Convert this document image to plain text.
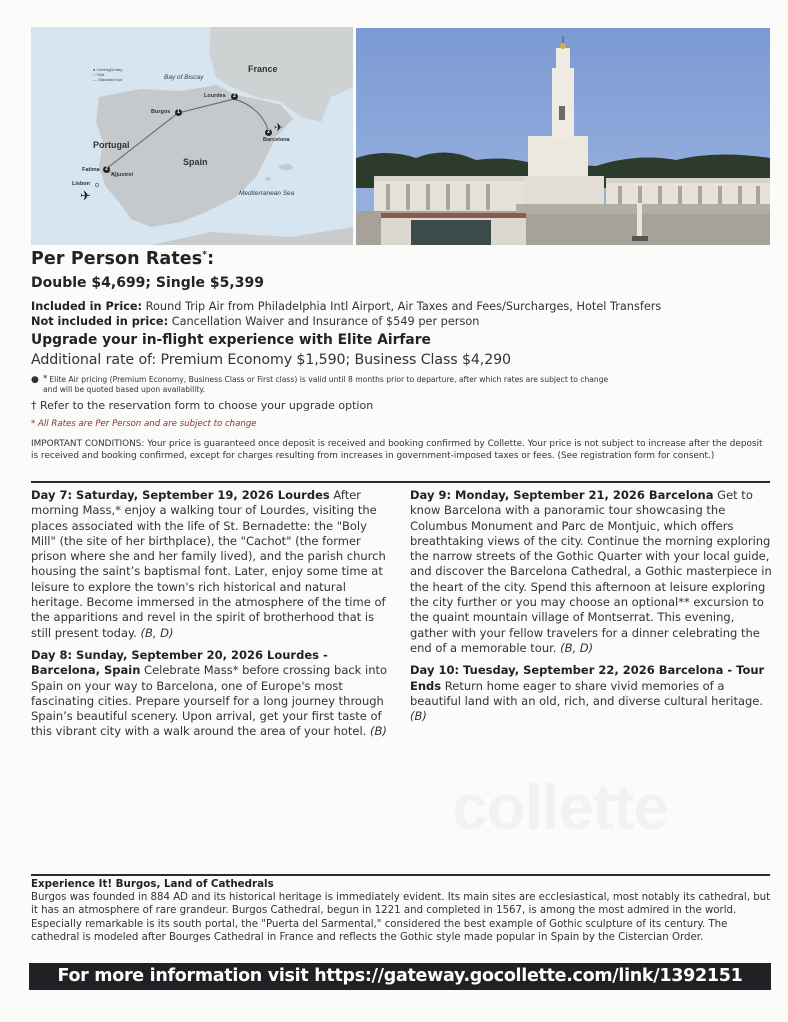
● Overnight stay
○ Visit
— Standard tour
France
Portugal
Spain
Bay of Biscay
Mediterranean Sea
Lourdes	2
Burgos	1
Fatima	2
Barcelona
2
Lisbon
Aljustrel
✈
✈
Per Person Rates*:
Double $4,699; Single $5,399
Included in Price: Round Trip Air from Philadelphia Intl Airport, Air Taxes and Fees/Surcharges, Hotel Transfers
Not included in price: Cancellation Waiver and Insurance of $549 per person
Upgrade your in-flight experience with Elite Airfare
Additional rate of: Premium Economy $1,590; Business Class $4,290
● * Elite Air pricing (Premium Economy, Business Class or First class) is valid until 8 months prior to departure, after which rates are subject to change
and will be quoted based upon availability.
† Refer to the reservation form to choose your upgrade option
* All Rates are Per Person and are subject to change
IMPORTANT CONDITIONS: Your price is guaranteed once deposit is received and booking confirmed by Collette. Your price is not subject to increase after the deposit is received and booking confirmed, except for charges resulting from increases in government-imposed taxes or fees. (See registration form for consent.)
collette

Day 7: Saturday, September 19, 2026 Lourdes After morning Mass,* enjoy a walking tour of Lourdes, visiting the places associated with the life of St. Bernadette: the "Boly Mill" (the site of her birthplace), the "Cachot" (the former prison where she and her family lived), and the parish church housing the saint’s baptismal font. Later, enjoy some time at leisure to explore the town's rich historical and natural heritage. Become immersed in the atmosphere of the time of the apparitions and revel in the spirit of brotherhood that is still present today. (B, D)

Day 8: Sunday, September 20, 2026 Lourdes - Barcelona, Spain Celebrate Mass* before crossing back into Spain on your way to Barcelona, one of Europe's most fascinating cities. Prepare yourself for a long journey through Spain’s beautiful scenery. Upon arrival, get your first taste of this vibrant city with a walk around the area of your hotel. (B)

Day 9: Monday, September 21, 2026 Barcelona Get to know Barcelona with a panoramic tour showcasing the Columbus Monument and Parc de Montjuic, which offers breathtaking views of the city. Continue the morning exploring the narrow streets of the Gothic Quarter with your local guide, and discover the Barcelona Cathedral, a Gothic masterpiece in the heart of the city. Spend this afternoon at leisure exploring the city further or you may choose an optional** excursion to the quaint mountain village of Montserrat. This evening, gather with your fellow travelers for a dinner celebrating the end of a memorable tour. (B, D)

Day 10: Tuesday, September 22, 2026 Barcelona - Tour Ends Return home eager to share vivid memories of a beautiful land with an old, rich, and diverse cultural heritage. (B)

Experience It! Burgos, Land of Cathedrals
Burgos was founded in 884 AD and its historical heritage is immediately evident. Its main sites are ecclesiastical, most notably its cathedral, but it has an atmosphere of rare grandeur. Burgos Cathedral, begun in 1221 and completed in 1567, is among the most admired in the world. Especially remarkable is its south portal, the "Puerta del Sarmental," considered the best example of Gothic sculpture of its century. The cathedral is modeled after Bourges Cathedral in France and reflects the Gothic style made popular in Spain by the Cistercian Order.
For more information visit https://gateway.gocollette.com/link/1392151
